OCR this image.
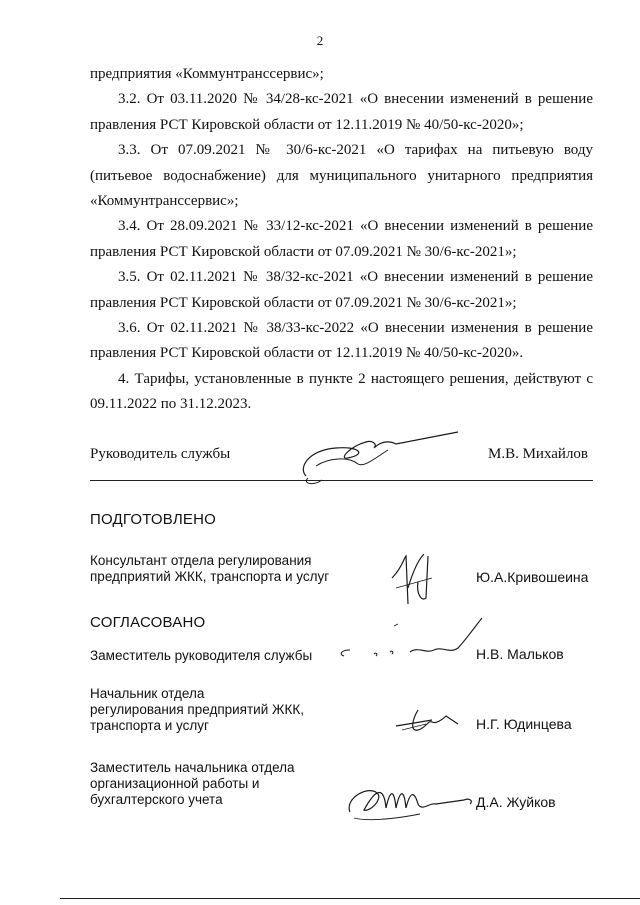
2

предприятия «Коммунтранссервис»;

3.2. От 03.11.2020 № 34/28-кс-2021 «О внесении изменений в решение правления РСТ Кировской области от 12.11.2019 № 40/50-кс-2020»;

3.3. От 07.09.2021 № 30/6-кс-2021 «О тарифах на питьевую воду (питьевое водоснабжение) для муниципального унитарного предприятия «Коммунтранссервис»;

3.4. От 28.09.2021 № 33/12-кс-2021 «О внесении изменений в решение правления РСТ Кировской области от 07.09.2021 № 30/6-кс-2021»;

3.5. От 02.11.2021 № 38/32-кс-2021 «О внесении изменений в решение правления РСТ Кировской области от 07.09.2021 № 30/6-кс-2021»;

3.6. От 02.11.2021 № 38/33-кс-2022 «О внесении изменения в решение правления РСТ Кировской области от 12.11.2019 № 40/50-кс-2020».

4. Тарифы, установленные в пункте 2 настоящего решения, действуют с 09.11.2022 по 31.12.2023.

Руководитель службы	М.В. Михайлов
ПОДГОТОВЛЕНО
Консультант отдела регулирования
предприятий ЖКК, транспорта и услуг	Ю.А.Кривошеина
СОГЛАСОВАНО
Заместитель руководителя службы	Н.В. Мальков
Начальник отдела
регулирования предприятий ЖКК,
транспорта и услуг	Н.Г. Юдинцева
Заместитель начальника отдела
организационной работы и
бухгалтерского учета	Д.А. Жуйков
